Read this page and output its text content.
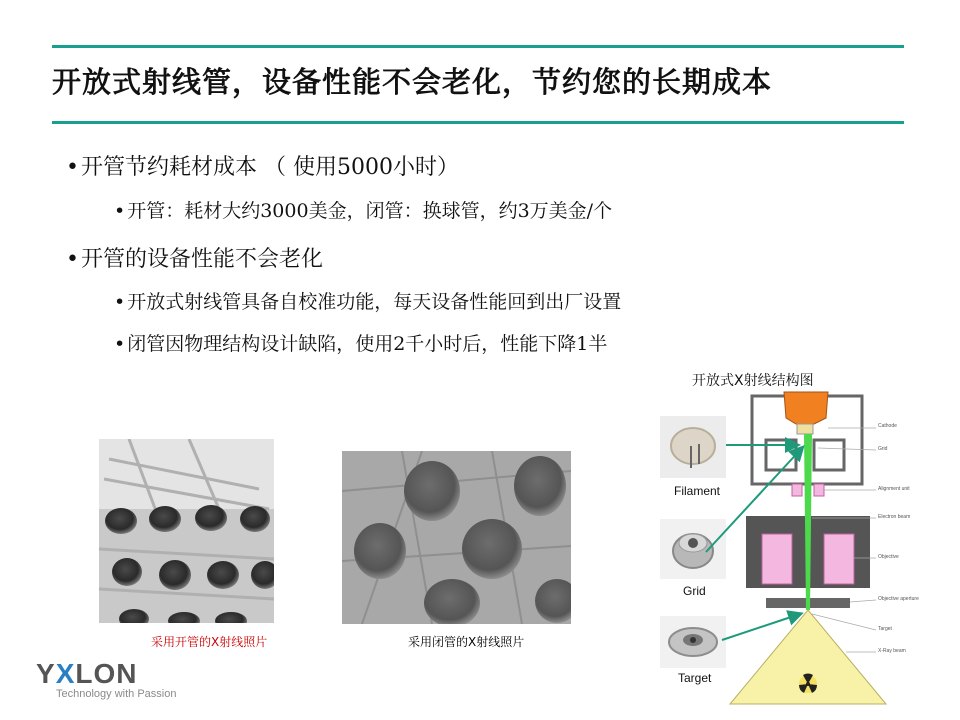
开放式射线管，设备性能不会老化，节约您的长期成本
•开管节约耗材成本 （ 使用5000小时）
• 开管：耗材大约3000美金，闭管：换球管，约3万美金/个
•开管的设备性能不会老化
• 开放式射线管具备自校准功能，每天设备性能回到出厂设置
• 闭管因物理结构设计缺陷，使用2千小时后，性能下降1半
采用开管的X射线照片	采用闭管的X射线照片
开放式X射线结构图
Filament
Grid
Target
Cathode
Grid
Alignment unit
Electron beam
Objective
Objective aperture
Target
X-Ray beam
YXLON
Technology with Passion
